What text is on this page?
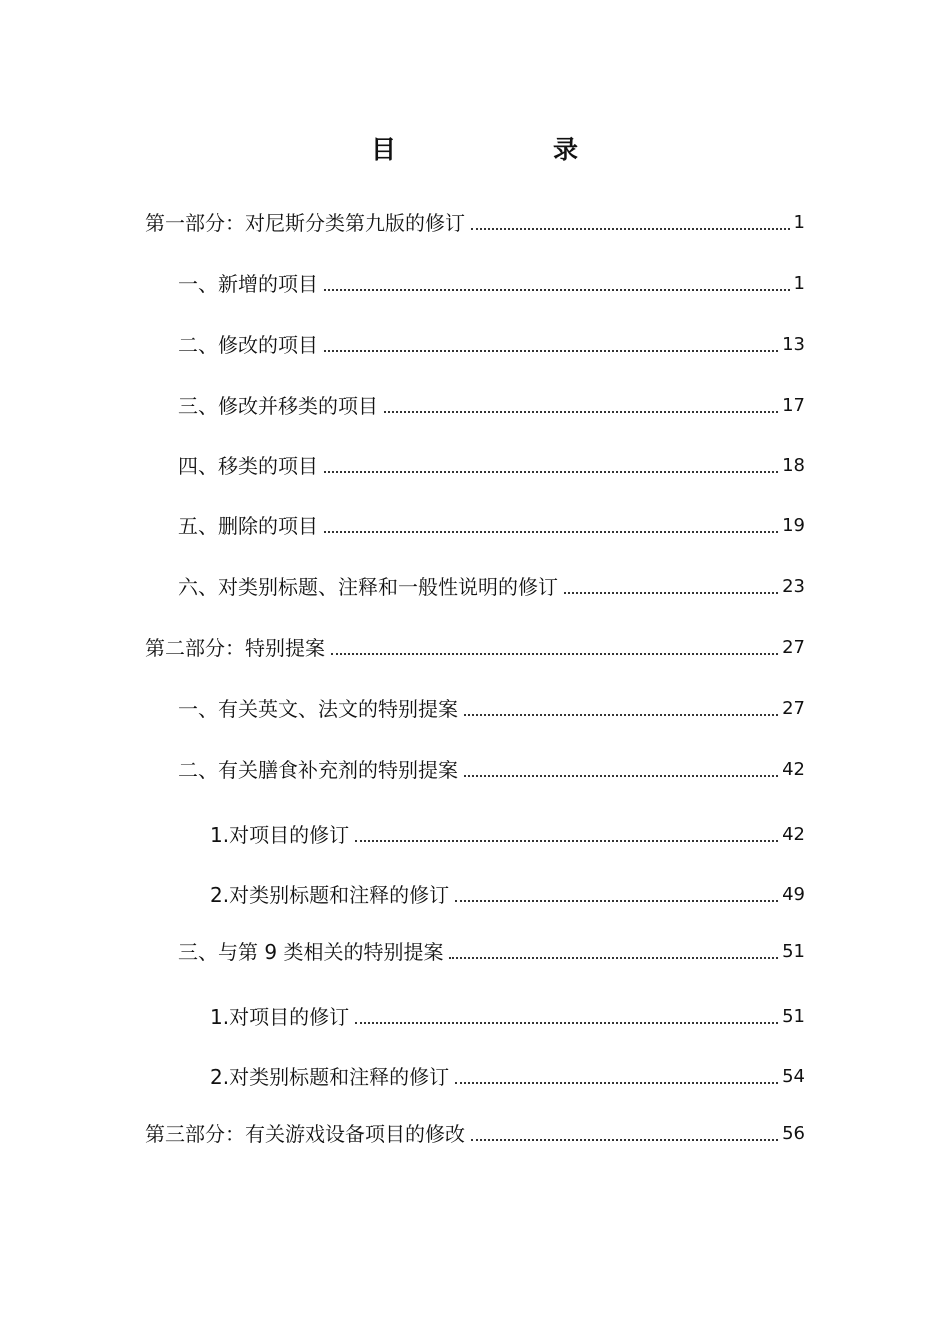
目　　　　　　录
第一部分：对尼斯分类第九版的修订	1
一、新增的项目	1
二、修改的项目	13
三、修改并移类的项目	17
四、移类的项目	18
五、删除的项目	19
六、对类别标题、注释和一般性说明的修订	23
第二部分：特别提案	27
一、有关英文、法文的特别提案	27
二、有关膳食补充剂的特别提案	42
1.对项目的修订	42
2.对类别标题和注释的修订	49
三、与第 9 类相关的特别提案	51
1.对项目的修订	51
2.对类别标题和注释的修订	54
第三部分：有关游戏设备项目的修改	56
